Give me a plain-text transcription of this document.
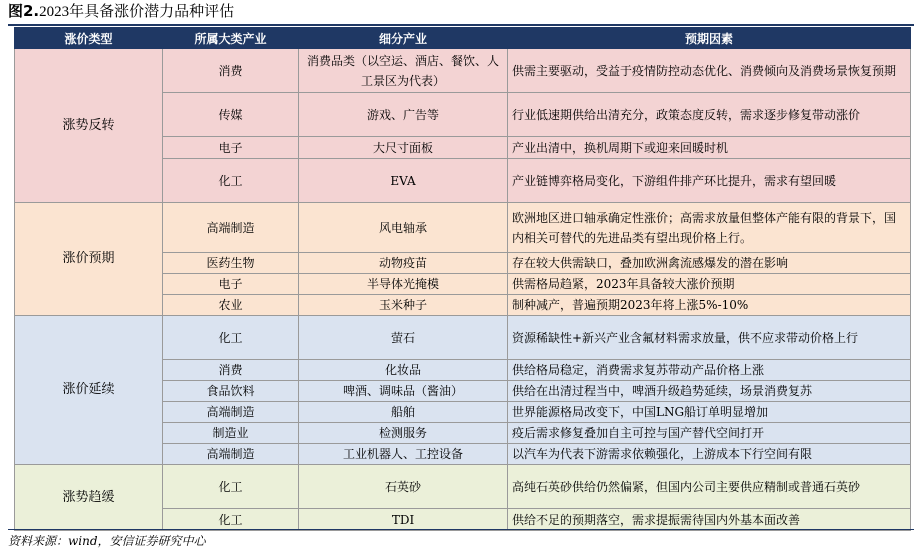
图2.2023年具备涨价潜力品种评估
涨价类型	所属大类产业	细分产业	预期因素
涨势反转	消费	消费品类（以空运、酒店、餐饮、人工景区为代表）	供需主要驱动，受益于疫情防控动态优化、消费倾向及消费场景恢复预期
	传媒	游戏、广告等	行业低速期供给出清充分，政策态度反转，需求逐步修复带动涨价
	电子	大尺寸面板	产业出清中，换机周期下或迎来回暖时机
	化工	EVA	产业链博弈格局变化，下游组件排产环比提升，需求有望回暖
涨价预期	高端制造	风电轴承	欧洲地区进口轴承确定性涨价；高需求放量但整体产能有限的背景下，国内相关可替代的先进品类有望出现价格上行。
	医药生物	动物疫苗	存在较大供需缺口，叠加欧洲禽流感爆发的潜在影响
	电子	半导体光掩模	供需格局趋紧，2023年具备较大涨价预期
	农业	玉米种子	制种减产，普遍预期2023年将上涨5%-10%
涨价延续	化工	萤石	资源稀缺性+新兴产业含氟材料需求放量，供不应求带动价格上行
	消费	化妆品	供给格局稳定，消费需求复苏带动产品价格上涨
	食品饮料	啤酒、调味品（酱油）	供给在出清过程当中，啤酒升级趋势延续，场景消费复苏
	高端制造	船舶	世界能源格局改变下，中国LNG船订单明显增加
	制造业	检测服务	疫后需求修复叠加自主可控与国产替代空间打开
	高端制造	工业机器人、工控设备	以汽车为代表下游需求依赖强化，上游成本下行空间有限
涨势趋缓	化工	石英砂	高纯石英砂供给仍然偏紧，但国内公司主要供应精制或普通石英砂
	化工	TDI	供给不足的预期落空，需求提振需待国内外基本面改善
资料来源：wind，安信证券研究中心
